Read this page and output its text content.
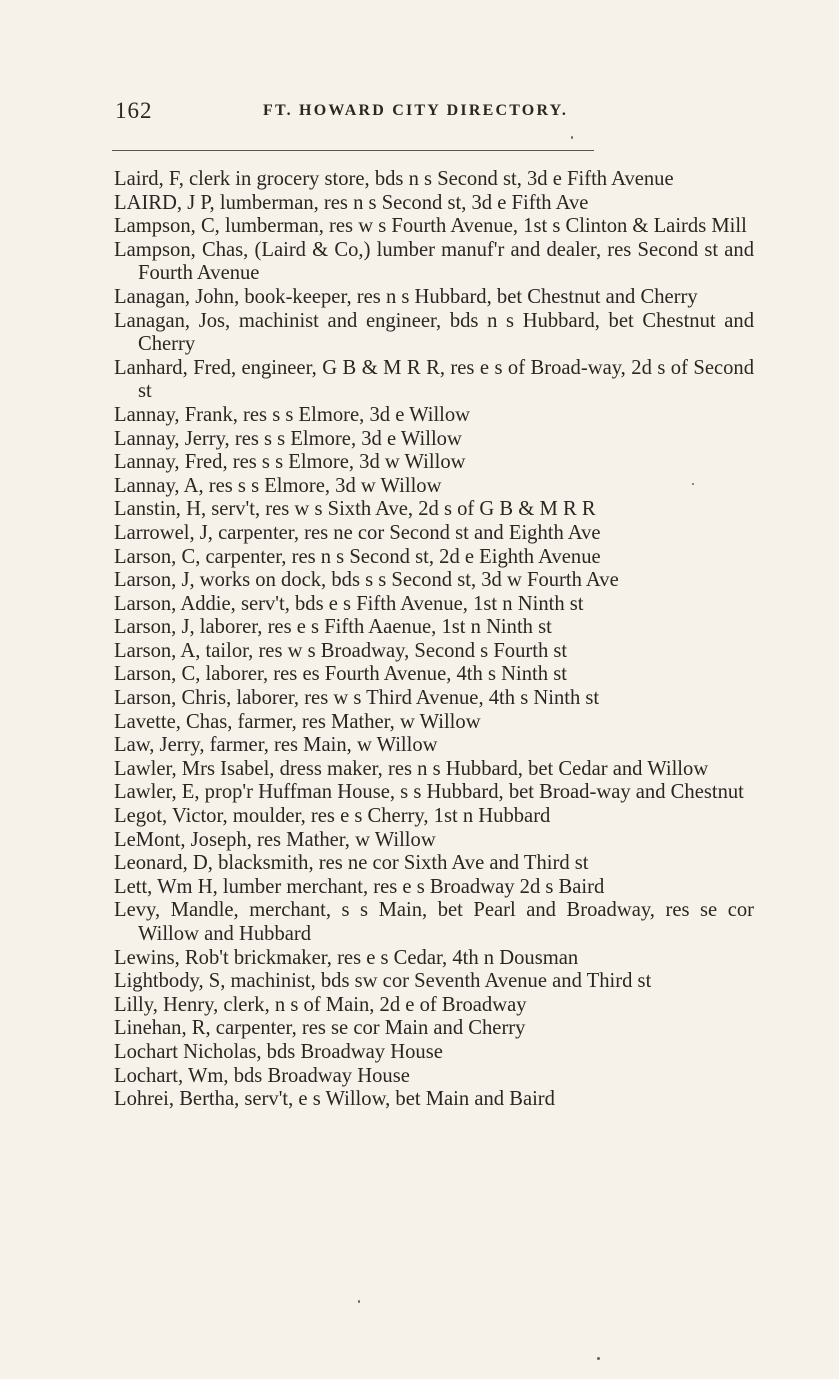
162	FT. HOWARD CITY DIRECTORY.
Laird, F, clerk in grocery store, bds n s Second st, 3d e Fifth Avenue
LAIRD, J P, lumberman, res n s Second st, 3d e Fifth Ave
Lampson, C, lumberman, res w s Fourth Avenue, 1st s Clinton & Lairds Mill
Lampson, Chas, (Laird & Co,) lumber manuf'r and dealer, res Second st and Fourth Avenue
Lanagan, John, book-keeper, res n s Hubbard, bet Chestnut and Cherry
Lanagan, Jos, machinist and engineer, bds n s Hubbard, bet Chestnut and Cherry
Lanhard, Fred, engineer, G B & M R R, res e s of Broad-way, 2d s of Second st
Lannay, Frank, res s s Elmore, 3d e Willow
Lannay, Jerry, res s s Elmore, 3d e Willow
Lannay, Fred, res s s Elmore, 3d w Willow
Lannay, A, res s s Elmore, 3d w Willow
Lanstin, H, serv't, res w s Sixth Ave, 2d s of G B & M R R
Larrowel, J, carpenter, res ne cor Second st and Eighth Ave
Larson, C, carpenter, res n s Second st, 2d e Eighth Avenue
Larson, J, works on dock, bds s s Second st, 3d w Fourth Ave
Larson, Addie, serv't, bds e s Fifth Avenue, 1st n Ninth st
Larson, J, laborer, res e s Fifth Aaenue, 1st n Ninth st
Larson, A, tailor, res w s Broadway, Second s Fourth st
Larson, C, laborer, res es Fourth Avenue, 4th s Ninth st
Larson, Chris, laborer, res w s Third Avenue, 4th s Ninth st
Lavette, Chas, farmer, res Mather, w Willow
Law, Jerry, farmer, res Main, w Willow
Lawler, Mrs Isabel, dress maker, res n s Hubbard, bet Cedar and Willow
Lawler, E, prop'r Huffman House, s s Hubbard, bet Broad-way and Chestnut
Legot, Victor, moulder, res e s Cherry, 1st n Hubbard
LeMont, Joseph, res Mather, w Willow
Leonard, D, blacksmith, res ne cor Sixth Ave and Third st
Lett, Wm H, lumber merchant, res e s Broadway 2d s Baird
Levy, Mandle, merchant, s s Main, bet Pearl and Broadway, res se cor Willow and Hubbard
Lewins, Rob't brickmaker, res e s Cedar, 4th n Dousman
Lightbody, S, machinist, bds sw cor Seventh Avenue and Third st
Lilly, Henry, clerk, n s of Main, 2d e of Broadway
Linehan, R, carpenter, res se cor Main and Cherry
Lochart Nicholas, bds Broadway House
Lochart, Wm, bds Broadway House
Lohrei, Bertha, serv't, e s Willow, bet Main and Baird
